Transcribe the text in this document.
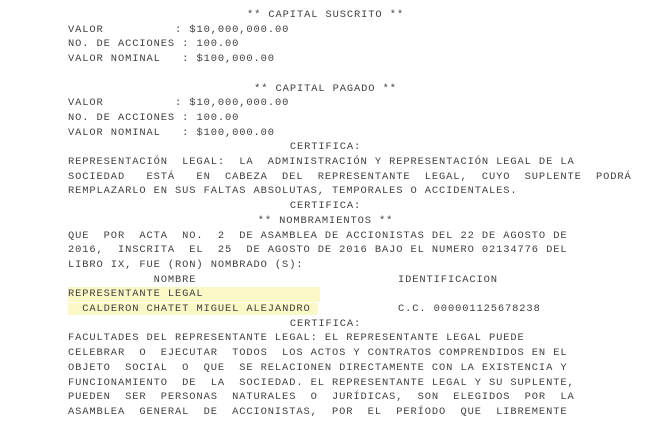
** CAPITAL SUSCRITO **
VALOR	: $10,000,000.00
NO. DE ACCIONES : 100.00
VALOR NOMINAL : $100,000.00

** CAPITAL PAGADO **
VALOR	: $10,000,000.00
NO. DE ACCIONES : 100.00
VALOR NOMINAL : $100,000.00
CERTIFICA:
REPRESENTACIÓN  LEGAL:  LA  ADMINISTRACIÓN Y REPRESENTACIÓN LEGAL DE LA
SOCIEDAD   ESTÁ   EN  CABEZA  DEL  REPRESENTANTE  LEGAL,  CUYO  SUPLENTE  PODRÁ
REMPLAZARLO EN SUS FALTAS ABSOLUTAS, TEMPORALES O ACCIDENTALES.
CERTIFICA:
** NOMBRAMIENTOS **
QUE  POR  ACTA  NO.  2  DE ASAMBLEA DE ACCIONISTAS DEL 22 DE AGOSTO DE
2016,  INSCRITA  EL  25  DE AGOSTO DE 2016 BAJO EL NUMERO 02134776 DEL
LIBRO IX, FUE (RON) NOMBRADO (S):
NOMBRE	IDENTIFICACION
REPRESENTANTE LEGAL
CALDERON CHATET MIGUEL ALEJANDRO	C.C. 000001125678238
CERTIFICA:
FACULTADES DEL REPRESENTANTE LEGAL: EL REPRESENTANTE LEGAL PUEDE
CELEBRAR  O  EJECUTAR  TODOS  LOS ACTOS Y CONTRATOS COMPRENDIDOS EN EL
OBJETO  SOCIAL  O  QUE  SE RELACIONEN DIRECTAMENTE CON LA EXISTENCIA Y
FUNCIONAMIENTO  DE  LA  SOCIEDAD. EL REPRESENTANTE LEGAL Y SU SUPLENTE,
PUEDEN  SER  PERSONAS  NATURALES  O  JURÍDICAS,  SON  ELEGIDOS  POR  LA
ASAMBLEA  GENERAL  DE  ACCIONISTAS,  POR  EL  PERÍODO  QUE  LIBREMENTE
